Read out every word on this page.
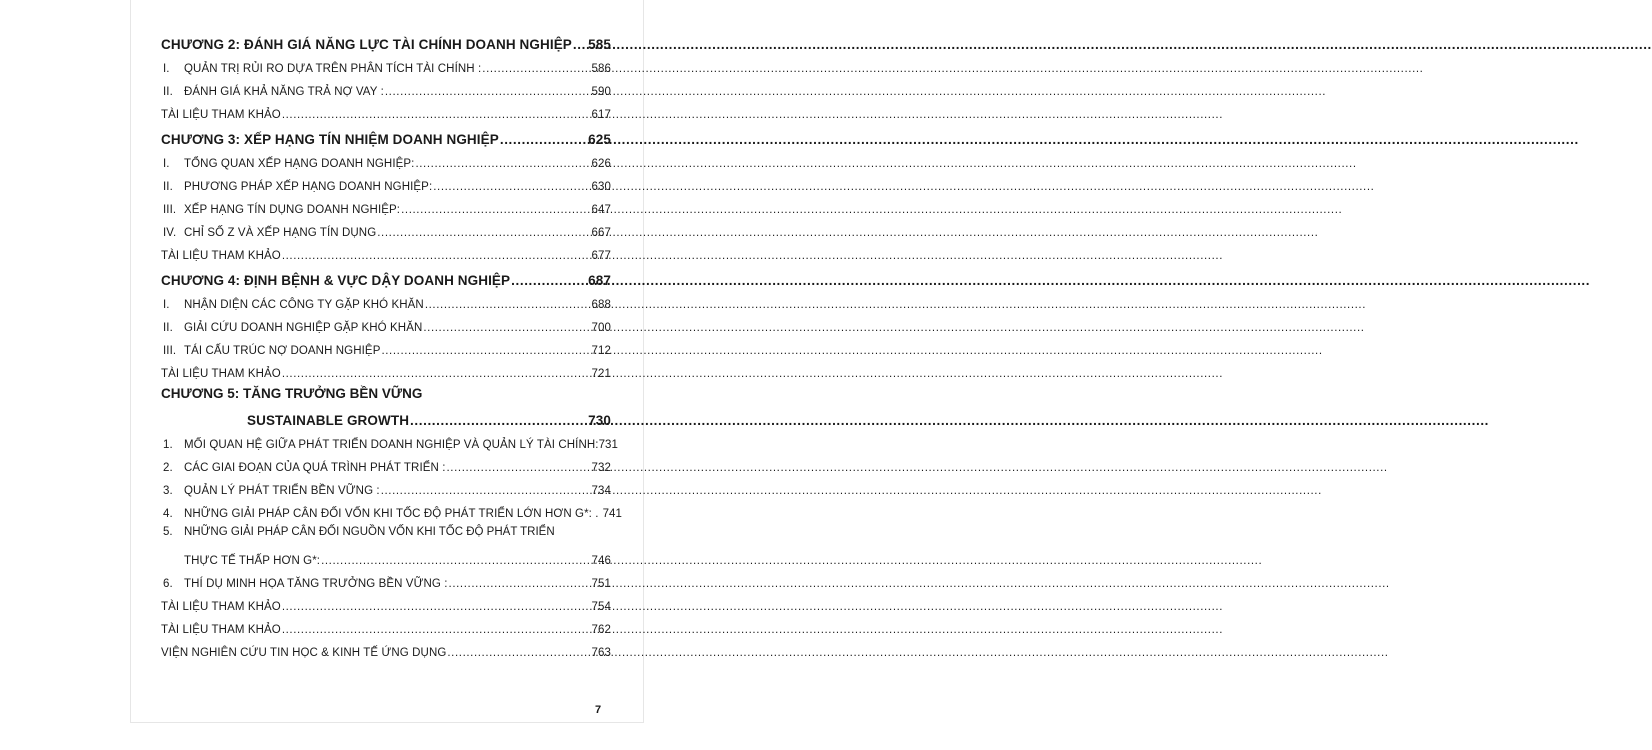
CHƯƠNG 2: ĐÁNH GIÁ NĂNG LỰC TÀI CHÍNH DOANH NGHIỆP ..... 585
I. QUẢN TRỊ RỦI RO DỰA TRÊN PHÂN TÍCH TÀI CHÍNH : .....	586
II. ĐÁNH GIÁ KHẢ NĂNG TRẢ NỢ VAY : .....	590
TÀI LIỆU THAM KHẢO .....	617
CHƯƠNG 3: XẾP HẠNG TÍN NHIỆM DOANH NGHIỆP .....	625
I. TỔNG QUAN XẾP HẠNG DOANH NGHIỆP: .....	626
II. PHƯƠNG PHÁP XẾP HẠNG DOANH NGHIỆP: .....	630
III. XẾP HẠNG TÍN DỤNG DOANH NGHIỆP: .....	647
IV. CHỈ SỐ Z VÀ XẾP HẠNG TÍN DỤNG .....	667
TÀI LIỆU THAM KHẢO .....	677
CHƯƠNG 4: ĐỊNH BỆNH & VỰC DẬY DOANH NGHIỆP .....	687
I. NHẬN DIỆN CÁC CÔNG TY GẶP KHÓ KHĂN .....	688
II. GIẢI CỨU DOANH NGHIỆP GẶP KHÓ KHĂN .....	700
III. TÁI CẤU TRÚC NỢ DOANH NGHIỆP .....	712
TÀI LIỆU THAM KHẢO .....	721
CHƯƠNG 5: TĂNG TRƯỞNG BỀN VỮNG
SUSTAINABLE GROWTH .....	730
1. MỐI QUAN HỆ GIỮA PHÁT TRIỂN DOANH NGHIỆP VÀ QUẢN LÝ TÀI CHÍNH: 731
2. CÁC GIAI ĐOẠN CỦA QUÁ TRÌNH PHÁT TRIỂN : .....	732
3. QUẢN LÝ PHÁT TRIỂN BỀN VỮNG : .....	734
4. NHỮNG GIẢI PHÁP CÂN ĐỐI VỐN KHI TỐC ĐỘ PHÁT TRIỂN LỚN HƠN G*: . 741
5. NHỮNG GIẢI PHÁP CÂN ĐỐI NGUỒN VỐN KHI TỐC ĐỘ PHÁT TRIỂN
THỰC TẾ THẤP HƠN G*: .....	746
6. THÍ DỤ MINH HỌA TĂNG TRƯỞNG BỀN VỮNG : .....	751
TÀI LIỆU THAM KHẢO .....	754
TÀI LIỆU THAM KHẢO .....	762
VIỆN NGHIÊN CỨU TIN HỌC & KINH TẾ ỨNG DỤNG .....	763
7
